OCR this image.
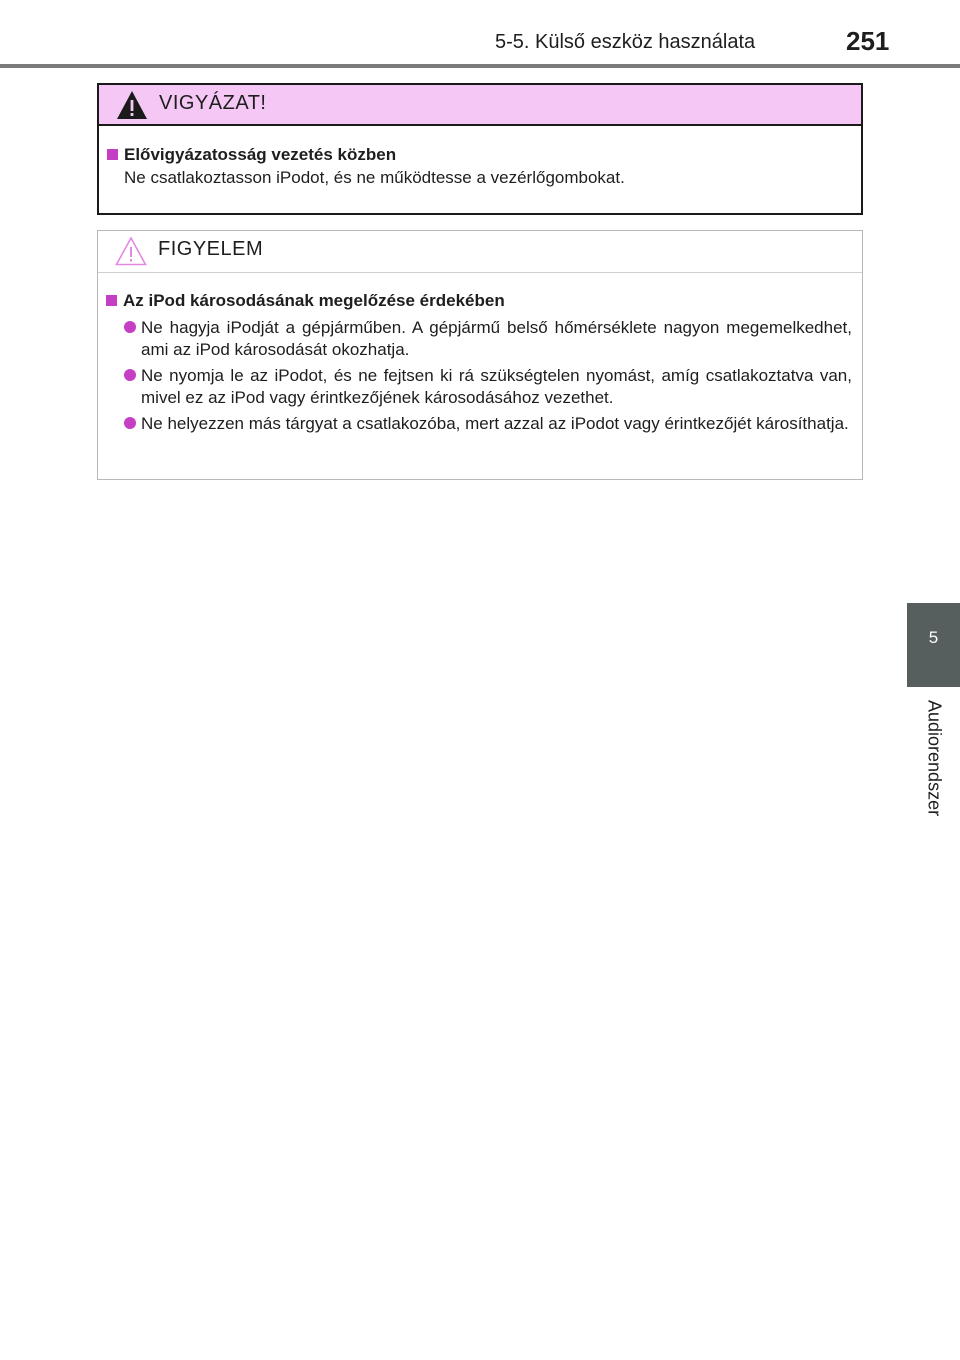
5-5. Külső eszköz használata	251
VIGYÁZAT!
Elővigyázatosság vezetés közben
Ne csatlakoztasson iPodot, és ne működtesse a vezérlőgombokat.
FIGYELEM
Az iPod károsodásának megelőzése érdekében
Ne hagyja iPodját a gépjárműben. A gépjármű belső hőmérséklete nagyon megemelkedhet, ami az iPod károsodását okozhatja.
Ne nyomja le az iPodot, és ne fejtsen ki rá szükségtelen nyomást, amíg csatlakoztatva van, mivel ez az iPod vagy érintkezőjének károsodásához vezethet.
Ne helyezzen más tárgyat a csatlakozóba, mert azzal az iPodot vagy érintkezőjét károsíthatja.
5
Audiorendszer
